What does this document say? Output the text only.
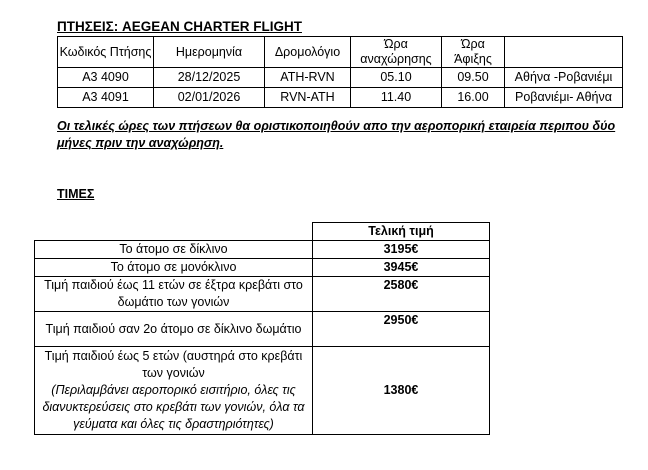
ΠΤΗΣΕΙΣ: AEGEAN CHARTER FLIGHT
Κωδικός Πτήσης	Ημερομηνία	Δρομολόγιο	Ώρα αναχώρησης	Ώρα Άφιξης	
A3 4090	28/12/2025	ATH-RVN	05.10	09.50	Αθήνα -Ροβανιέμι
A3 4091	02/01/2026	RVN-ATH	11.40	16.00	Ροβανιέμι- Αθήνα
Οι τελικές ώρες των πτήσεων θα οριστικοποιηθούν απο την αεροπορική εταιρεία περιπου δύο μήνες πριν την αναχώρηση.
ΤΙΜΕΣ
	Τελική τιμή
Το άτομο σε δίκλινο	3195€
Το άτομο σε μονόκλινο	3945€
Τιμή παιδιού έως 11 ετών σε έξτρα κρεβάτι στο δωμάτιο των γονιών	2580€
Τιμή παιδιού σαν 2ο άτομο σε δίκλινο δωμάτιο	2950€
Τιμή παιδιού έως 5 ετών (αυστηρά στο κρεβάτι των γονιών
(Περιλαμβάνει αεροπορικό εισιτήριο, όλες τις διανυκτερεύσεις στο κρεβάτι των γονιών, όλα τα γεύματα και όλες τις δραστηριότητες)	1380€
